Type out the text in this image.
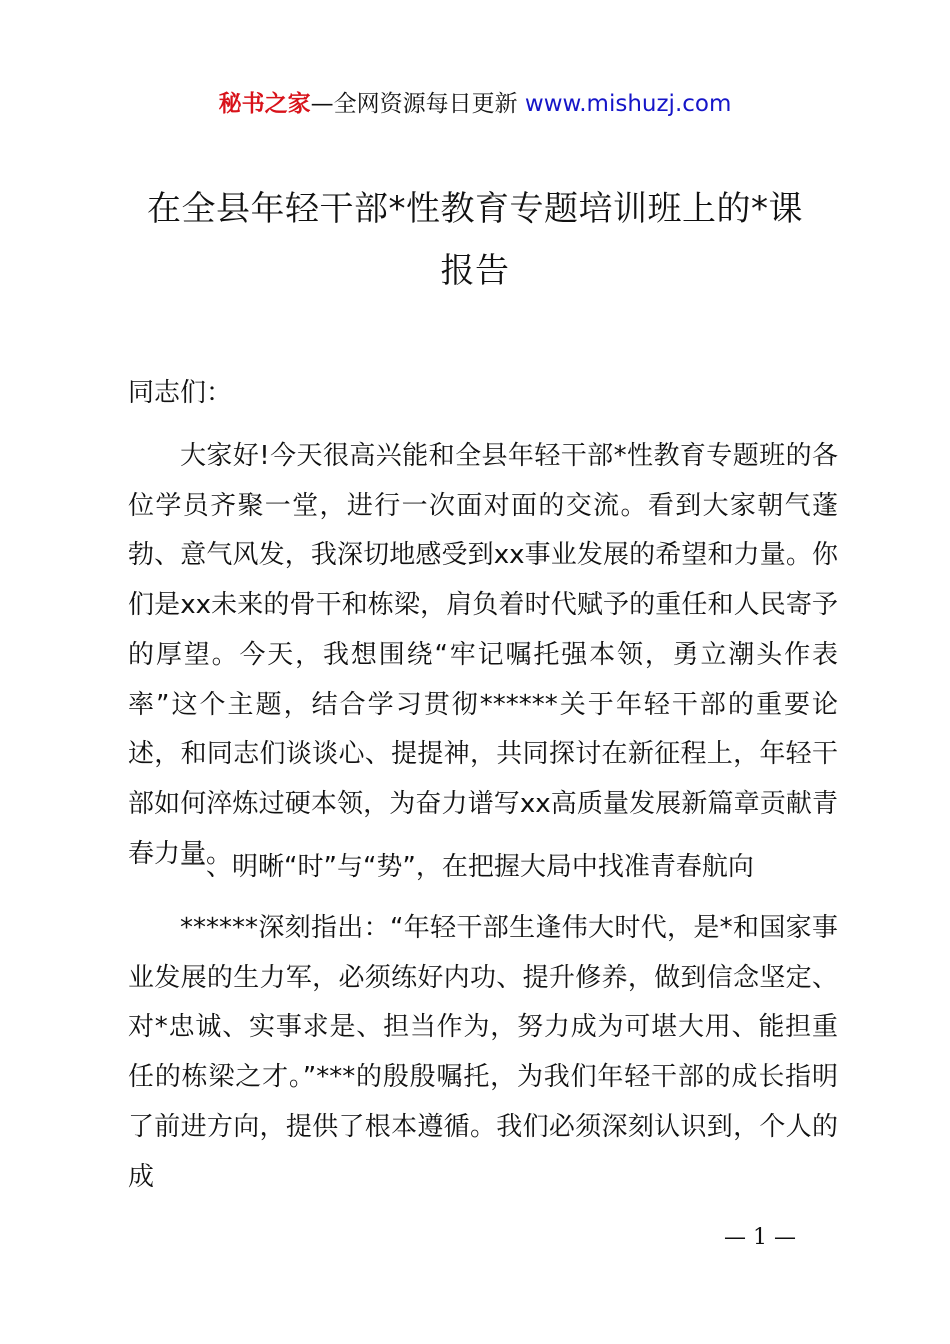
秘书之家—全网资源每日更新 www.mishuzj.com
在全县年轻干部*性教育专题培训班上的*课
报告
同志们：

大家好!今天很高兴能和全县年轻干部*性教育专题班的各位学员齐聚一堂，进行一次面对面的交流。看到大家朝气蓬勃、意气风发，我深切地感受到xx事业发展的希望和力量。你们是xx未来的骨干和栋梁，肩负着时代赋予的重任和人民寄予的厚望。今天，我想围绕“牢记嘱托强本领，勇立潮头作表率”这个主题，结合学习贯彻******关于年轻干部的重要论述，和同志们谈谈心、提提神，共同探讨在新征程上，年轻干部如何淬炼过硬本领，为奋力谱写xx高质量发展新篇章贡献青春力量。

一、明晰“时”与“势”，在把握大局中找准青春航向

******深刻指出：“年轻干部生逢伟大时代，是*和国家事业发展的生力军，必须练好内功、提升修养，做到信念坚定、对*忠诚、实事求是、担当作为，努力成为可堪大用、能担重任的栋梁之才。”***的殷殷嘱托，为我们年轻干部的成长指明了前进方向，提供了根本遵循。我们必须深刻认识到，个人的成

— 1 —
